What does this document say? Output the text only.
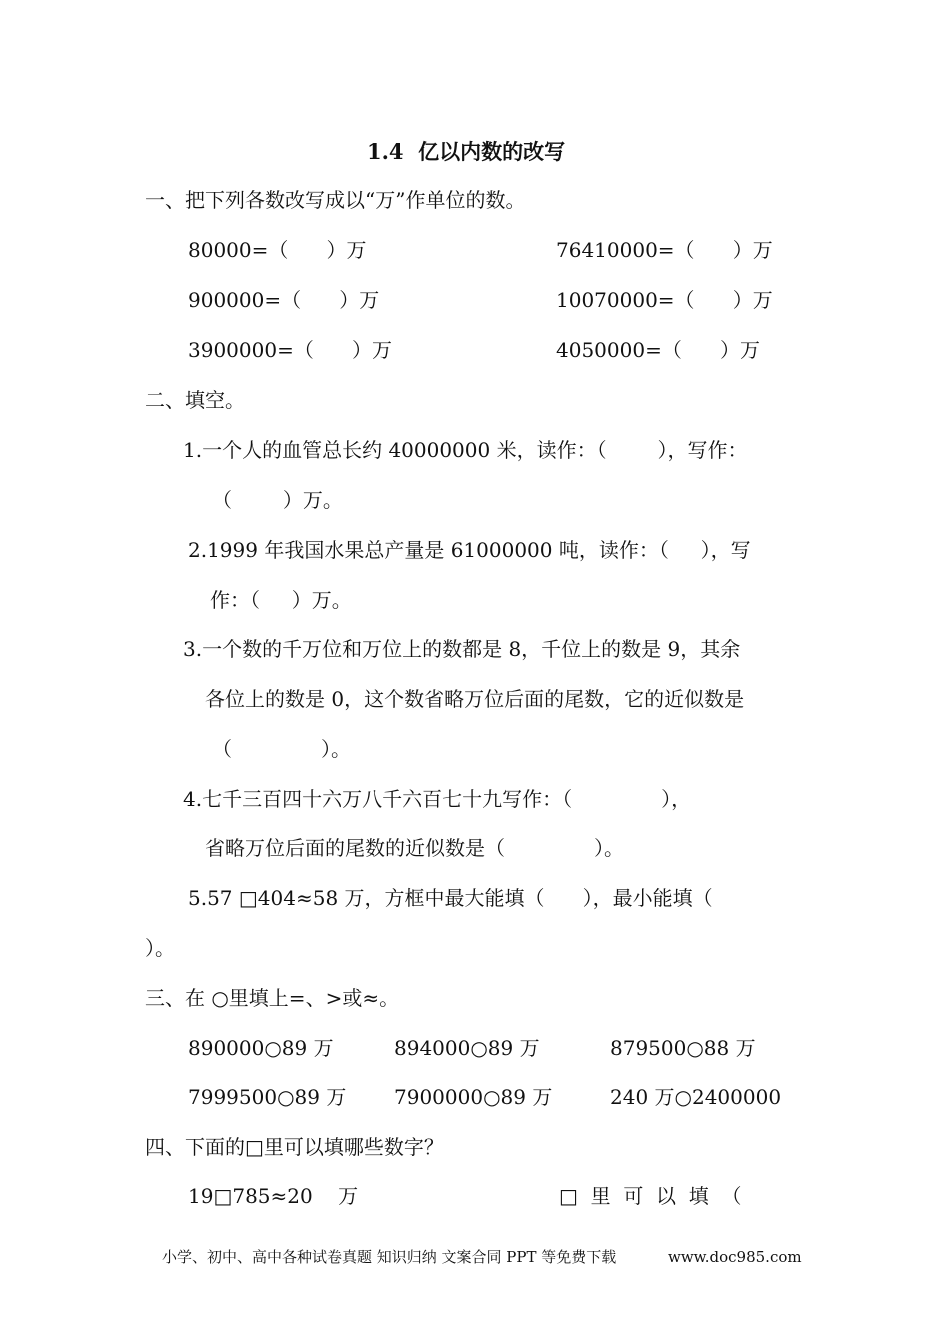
1.4  亿以内数的改写
一、把下列各数改写成以“万”作单位的数。
80000=（      ）万	76410000=（      ）万
900000=（      ）万	10070000=（      ）万
3900000=（      ）万	4050000=（      ）万
二、填空。
1.一个人的血管总长约 40000000 米，读作：（        ），写作：
（        ）万。
2.1999 年我国水果总产量是 61000000 吨，读作：（     ），写
作：（     ）万。
3.一个数的千万位和万位上的数都是 8，千位上的数是 9，其余
各位上的数是 0，这个数省略万位后面的尾数，它的近似数是
（              ）。
4.七千三百四十六万八千六百七十九写作：（              ），
省略万位后面的尾数的近似数是（              ）。
5.57 □404≈58 万，方框中最大能填（      ），最小能填（
）。
三、在 ○里填上=、>或≈。
890000○89 万	894000○89 万	879500○88 万
7999500○89 万 7900000○89 万	240 万○2400000
四、下面的□里可以填哪些数字？
19□785≈20    万	□  里  可  以  填  （
小学、初中、高中各种试卷真题 知识归纳 文案合同 PPT 等免费下载	www.doc985.com
